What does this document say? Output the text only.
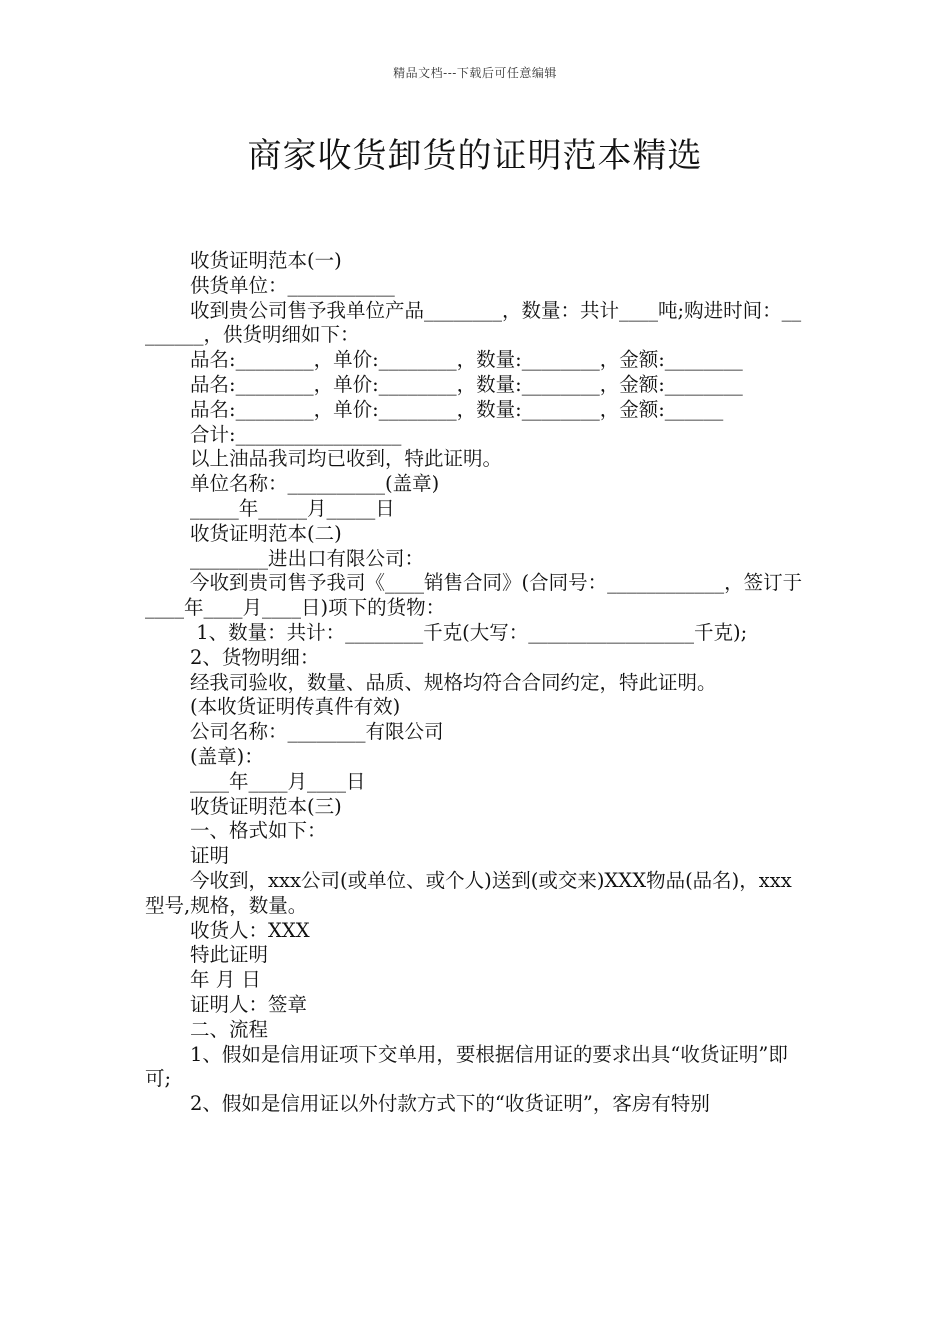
精品文档---下载后可任意编辑
商家收货卸货的证明范本精选

收货证明范本(一)

供货单位：___________

收到贵公司售予我单位产品________，数量：共计____吨;购进时间：________，供货明细如下：

品名:________，单价:________，数量:________，金额:________

品名:________，单价:________，数量:________，金额:________

品名:________，单价:________，数量:________，金额:______

合计:_________________

以上油品我司均已收到，特此证明。

单位名称：__________(盖章)

_____年_____月_____日

收货证明范本(二)

________进出口有限公司：

今收到贵司售予我司《____销售合同》(合同号：____________，签订于____年____月____日)项下的货物：

1、数量：共计：________千克(大写：_________________千克);

2、货物明细：

经我司验收，数量、品质、规格均符合合同约定，特此证明。

(本收货证明传真件有效)

公司名称：________有限公司

(盖章)：

____年____月____日

收货证明范本(三)

一、格式如下：

证明

今收到，xxx公司(或单位、或个人)送到(或交来)XXX物品(品名)，xxx型号,规格，数量。

收货人：XXX

特此证明

年 月 日

证明人：签章

二、流程

1、假如是信用证项下交单用，要根据信用证的要求出具“收货证明”即可;

2、假如是信用证以外付款方式下的“收货证明”，客房有特别
